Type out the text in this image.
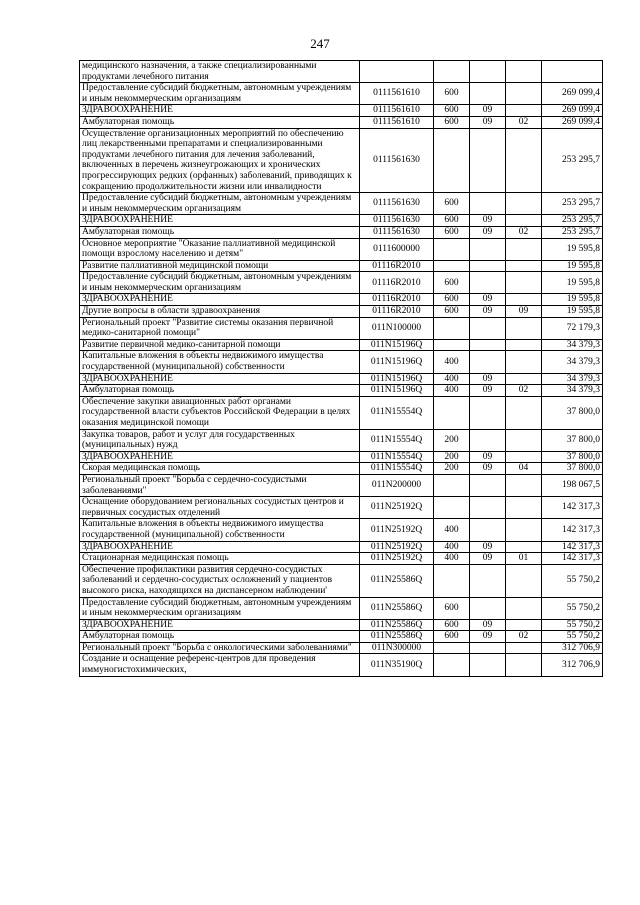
247
медицинского назначения, а также специализированными продуктами лечебного питания					
Предоставление субсидий бюджетным, автономным учреждениям и иным некоммерческим организациям	0111561610	600			269 099,4
ЗДРАВООХРАНЕНИЕ	0111561610	600	09		269 099,4
Амбулаторная помощь	0111561610	600	09	02	269 099,4
Осуществление организационных мероприятий по обеспечению лиц лекарственными препаратами и специализированными продуктами лечебного питания для лечения заболеваний, включенных в перечень жизнеугрожающих и хронических прогрессирующих редких (орфанных) заболеваний, приводящих к сокращению продолжительности жизни или инвалидности	0111561630				253 295,7
Предоставление субсидий бюджетным, автономным учреждениям и иным некоммерческим организациям	0111561630	600			253 295,7
ЗДРАВООХРАНЕНИЕ	0111561630	600	09		253 295,7
Амбулаторная помощь	0111561630	600	09	02	253 295,7
Основное мероприятие "Оказание паллиативной медицинской помощи взрослому населению и детям"	0111600000				19 595,8
Развитие паллиативной медицинской помощи	01116R2010				19 595,8
Предоставление субсидий бюджетным, автономным учреждениям и иным некоммерческим организациям	01116R2010	600			19 595,8
ЗДРАВООХРАНЕНИЕ	01116R2010	600	09		19 595,8
Другие вопросы в области здравоохранения	01116R2010	600	09	09	19 595,8
Региональный проект "Развитие системы оказания первичной медико-санитарной помощи"	011N100000				72 179,3
Развитие первичной медико-санитарной помощи	011N15196Q				34 379,3
Капитальные вложения в объекты недвижимого имущества государственной (муниципальной) собственности	011N15196Q	400			34 379,3
ЗДРАВООХРАНЕНИЕ	011N15196Q	400	09		34 379,3
Амбулаторная помощь	011N15196Q	400	09	02	34 379,3
Обеспечение закупки авиационных работ органами государственной власти субъектов Российской Федерации в целях оказания медицинской помощи	011N15554Q				37 800,0
Закупка товаров, работ и услуг для государственных (муниципальных) нужд	011N15554Q	200			37 800,0
ЗДРАВООХРАНЕНИЕ	011N15554Q	200	09		37 800,0
Скорая медицинская помощь	011N15554Q	200	09	04	37 800,0
Региональный проект "Борьба с сердечно-сосудистыми заболеваниями"	011N200000				198 067,5
Оснащение оборудованием региональных сосудистых центров и первичных сосудистых отделений	011N25192Q				142 317,3
Капитальные вложения в объекты недвижимого имущества государственной (муниципальной) собственности	011N25192Q	400			142 317,3
ЗДРАВООХРАНЕНИЕ	011N25192Q	400	09		142 317,3
Стационарная медицинская помощь	011N25192Q	400	09	01	142 317,3
Обеспечение профилактики развития сердечно-сосудистых заболеваний и сердечно-сосудистых осложнений у пациентов высокого риска, находящихся на диспансерном наблюдении'	011N25586Q				55 750,2
Предоставление субсидий бюджетным, автономным учреждениям и иным некоммерческим организациям	011N25586Q	600			55 750,2
ЗДРАВООХРАНЕНИЕ	011N25586Q	600	09		55 750,2
Амбулаторная помощь	011N25586Q	600	09	02	55 750,2
Региональный проект "Борьба с онкологическими заболеваниями"	011N300000				312 706,9
Создание и оснащение референс-центров для проведения иммуногистохимических,	011N35190Q				312 706,9
